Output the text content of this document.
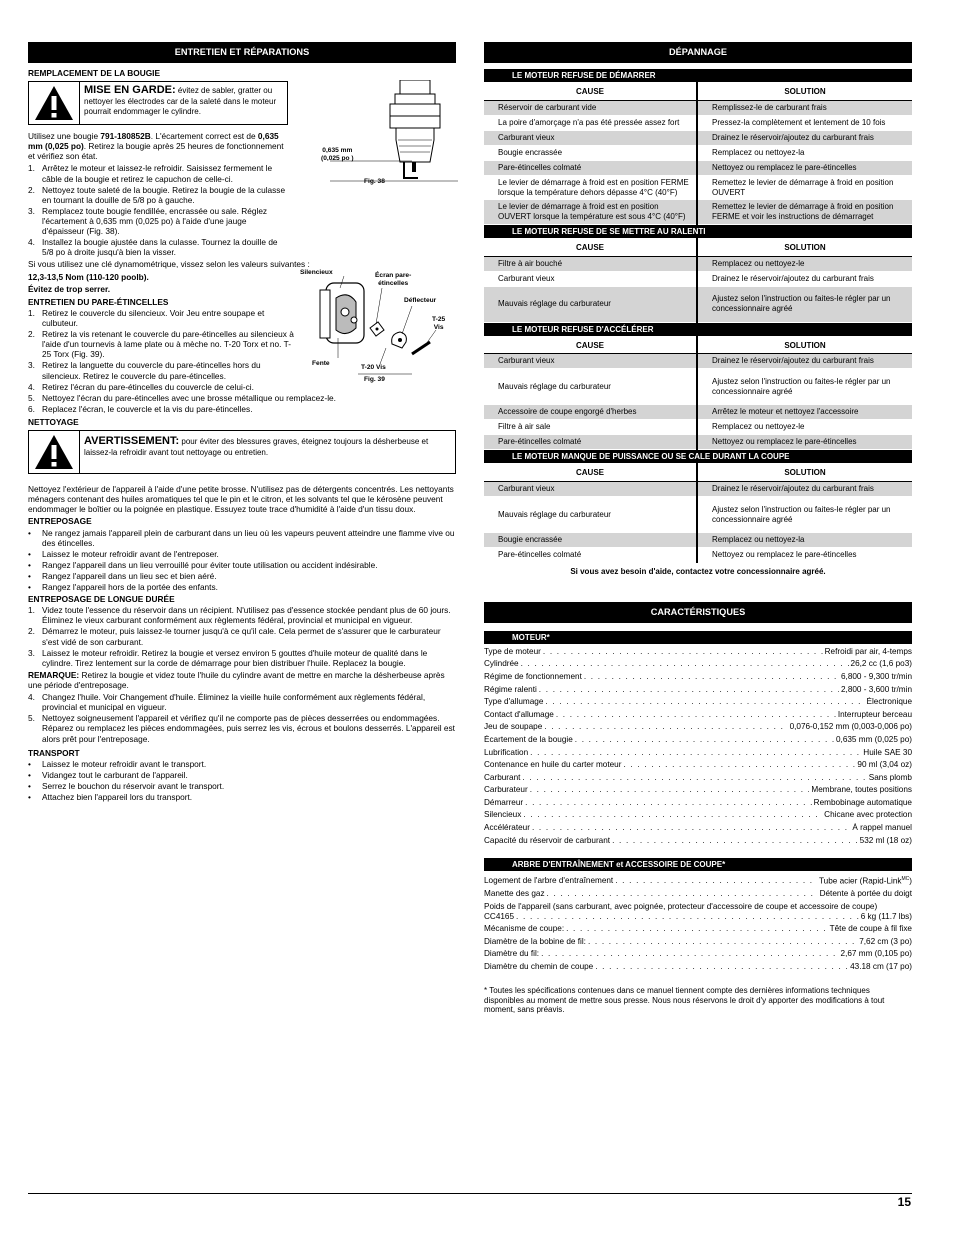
ENTRETIEN ET RÉPARATIONS
REMPLACEMENT DE LA BOUGIE
MISE EN GARDE: évitez de sabler, gratter ou nettoyer les électrodes car de la saleté dans le moteur pourrait endommager le cylindre.
Utilisez une bougie 791-180852B. L'écartement correct est de 0,635 mm (0,025 po). Retirez la bougie après 25 heures de fonctionnement et vérifiez son état.
1. Arrêtez le moteur et laissez-le refroidir. Saisissez fermement le câble de la bougie et retirez le capuchon de celle-ci.
2. Nettoyez toute saleté de la bougie. Retirez la bougie de la culasse en tournant la douille de 5/8 po à gauche.
3. Remplacez toute bougie fendillée, encrassée ou sale. Réglez l'écartement à 0,635 mm (0,025 po) à l'aide d'une jauge d'épaisseur (Fig. 38).
4. Installez la bougie ajustée dans la culasse. Tournez la douille de 5/8 po à droite jusqu'à bien la visser.
Si vous utilisez une clé dynamométrique, vissez selon les valeurs suivantes :
12,3-13,5 Nom (110-120 poolb).
Évitez de trop serrer.
ENTRETIEN DU PARE-ÉTINCELLES
1. Retirez le couvercle du silencieux. Voir Jeu entre soupape et culbuteur.
2. Retirez la vis retenant le couvercle du pare-étincelles au silencieux à l'aide d'un tournevis à lame plate ou à mèche no. T-20 Torx et no. T-25 Torx (Fig. 39).
3. Retirez la languette du couvercle du pare-étincelles hors du silencieux. Retirez le couvercle du pare-étincelles.
4. Retirez l'écran du pare-étincelles du couvercle de celui-ci.
5. Nettoyez l'écran du pare-étincelles avec une brosse métallique ou remplacez-le.
6. Replacez l'écran, le couvercle et la vis du pare-étincelles.
NETTOYAGE
AVERTISSEMENT: pour éviter des blessures graves, éteignez toujours la désherbeuse et laissez-la refroidir avant tout nettoyage ou entretien.
Nettoyez l'extérieur de l'appareil à l'aide d'une petite brosse. N'utilisez pas de détergents concentrés. Les nettoyants ménagers contenant des huiles aromatiques tel que le pin et le citron, et les solvants tel que le kérosène peuvent endommager le boîtier ou la poignée en plastique. Essuyez toute trace d'humidité à l'aide d'un tissu doux.
ENTREPOSAGE
•	Ne rangez jamais l'appareil plein de carburant dans un lieu où les vapeurs peuvent atteindre une flamme vive ou des étincelles.
•	Laissez le moteur refroidir avant de l'entreposer.
•	Rangez l'appareil dans un lieu verrouillé pour éviter toute utilisation ou accident indésirable.
•	Rangez l'appareil dans un lieu sec et bien aéré.
•	Rangez l'appareil hors de la portée des enfants.
ENTREPOSAGE DE LONGUE DURÉE
1. Videz toute l'essence du réservoir dans un récipient. N'utilisez pas d'essence stockée pendant plus de 60 jours. Éliminez le vieux carburant conformément aux règlements fédéral, provincial et municipal en vigueur.
2. Démarrez le moteur, puis laissez-le tourner jusqu'à ce qu'il cale. Cela permet de s'assurer que le carburateur s'est vidé de son carburant.
3. Laissez le moteur refroidir. Retirez la bougie et versez environ 5 gouttes d'huile moteur de qualité dans le cylindre. Tirez lentement sur la corde de démarrage pour bien distribuer l'huile. Replacez la bougie.
REMARQUE: Retirez la bougie et videz toute l'huile du cylindre avant de mettre en marche la désherbeuse après une période d'entreposage.
4. Changez l'huile. Voir Changement d'huile. Éliminez la vieille huile conformément aux règlements fédéral, provincial et municipal en vigueur.
5. Nettoyez soigneusement l'appareil et vérifiez qu'il ne comporte pas de pièces desserrées ou endommagées. Réparez ou remplacez les pièces endommagées, puis serrez les vis, écrous et boulons desserrés. L'appareil est alors prêt pour l'entreposage.
TRANSPORT
•	Laissez le moteur refroidir avant le transport.
•	Vidangez tout le carburant de l'appareil.
•	Serrez le bouchon du réservoir avant le transport.
•	Attachez bien l'appareil lors du transport.
0,635 mm
(0,025 po )
Fig. 38
Silencieux	Écran pare-
étincelles
Déflecteur
T-25
Vis
Fente
T-20 Vis
Fig. 39
DÉPANNAGE
LE MOTEUR REFUSE DE DÉMARRER
CAUSE	SOLUTION
Réservoir de carburant vide	Remplissez-le de carburant frais
La poire d'amorçage n'a pas été pressée assez fort	Pressez-la complètement et lentement de 10 fois
Carburant vieux	Drainez le réservoir/ajoutez du carburant frais
Bougie encrassée	Remplacez ou nettoyez-la
Pare-étincelles colmaté	Nettoyez ou remplacez le pare-étincelles
Le levier de démarrage à froid est en position FERME lorsque la température dehors dépasse 4°C (40°F)	Remettez le levier de démarrage à froid en position OUVERT
Le levier de démarrage à froid est en position OUVERT lorsque la température est sous 4°C (40°F)	Remettez le levier de démarrage à froid en position FERME et voir les instructions de démarraget
LE MOTEUR REFUSE DE SE METTRE AU RALENTI
CAUSE	SOLUTION
Filtre à air bouché	Remplacez ou nettoyez-le
Carburant vieux	Drainez le réservoir/ajoutez du carburant frais
Mauvais réglage du carburateur	Ajustez selon l'instruction ou faites-le régler par un concessionnaire agréé
LE MOTEUR REFUSE D'ACCÉLÉRER
CAUSE	SOLUTION
Carburant vieux	Drainez le réservoir/ajoutez du carburant frais
Mauvais réglage du carburateur	Ajustez selon l'instruction ou faites-le régler par un concessionnaire agréé
Accessoire de coupe engorgé d'herbes	Arrêtez le moteur et nettoyez l'accessoire
Filtre à air sale	Remplacez ou nettoyez-le
Pare-étincelles colmaté	Nettoyez ou remplacez le pare-étincelles
LE MOTEUR MANQUE DE PUISSANCE OU SE CALE DURANT LA COUPE
CAUSE	SOLUTION
Carburant vieux	Drainez le réservoir/ajoutez du carburant frais
Mauvais réglage du carburateur	Ajustez selon l'instruction ou faites-le régler par un concessionnaire agréé
Bougie encrassée	Remplacez ou nettoyez-la
Pare-étincelles colmaté	Nettoyez ou remplacez le pare-étincelles
Si vous avez besoin d'aide, contactez votre concessionnaire agréé.
CARACTÉRISTIQUES
MOTEUR*
Type de moteur . . .	Refroidi par air, 4-temps
Cylindrée . . .	26,2 cc (1,6 po3)
Régime de fonctionnement . . .	6,800 - 9,300 tr/min
Régime ralenti . . .	2,800 - 3,600 tr/min
Type d'allumage . . .	Électronique
Contact d'allumage . . .	Interrupteur berceau
Jeu de soupape . . .	0,076-0,152 mm (0,003-0,006 po)
Écartement de la bougie . . .	0,635 mm (0,025 po)
Lubrification . . .	Huile SAE 30
Contenance en huile du carter moteur . . .	90 ml (3,04 oz)
Carburant . . .	Sans plomb
Carburateur . . .	Membrane, toutes positions
Démarreur . . .	Rembobinage automatique
Silencieux . . .	Chicane avec protection
Accélérateur . . .	À rappel manuel
Capacité du réservoir de carburant . . .	532 ml (18 oz)
ARBRE D'ENTRAÎNEMENT et ACCESSOIRE DE COUPE*
Logement de l'arbre d'entraînement . . .	Tube acier (Rapid-Link$^{MC}$)
Manette des gaz . . .	Détente à portée du doigt
Poids de l'appareil (sans carburant, avec poignée, protecteur d'accessoire de coupe et accessoire de coupe)
CC4165 . . .	6 kg (11.7 lbs)
Mécanisme de coupe: . . .	Tête de coupe à fil fixe
Diamètre de la bobine de fil: . . .	7,62 cm (3 po)
Diamètre du fil: . . .	2,67 mm (0,105 po)
Diamètre du chemin de coupe . . .	43.18 cm (17 po)
* Toutes les spécifications contenues dans ce manuel tiennent compte des dernières informations techniques disponibles au moment de mettre sous presse. Nous nous réservons le droit d'y apporter des modifications à tout moment, sans préavis.
15
